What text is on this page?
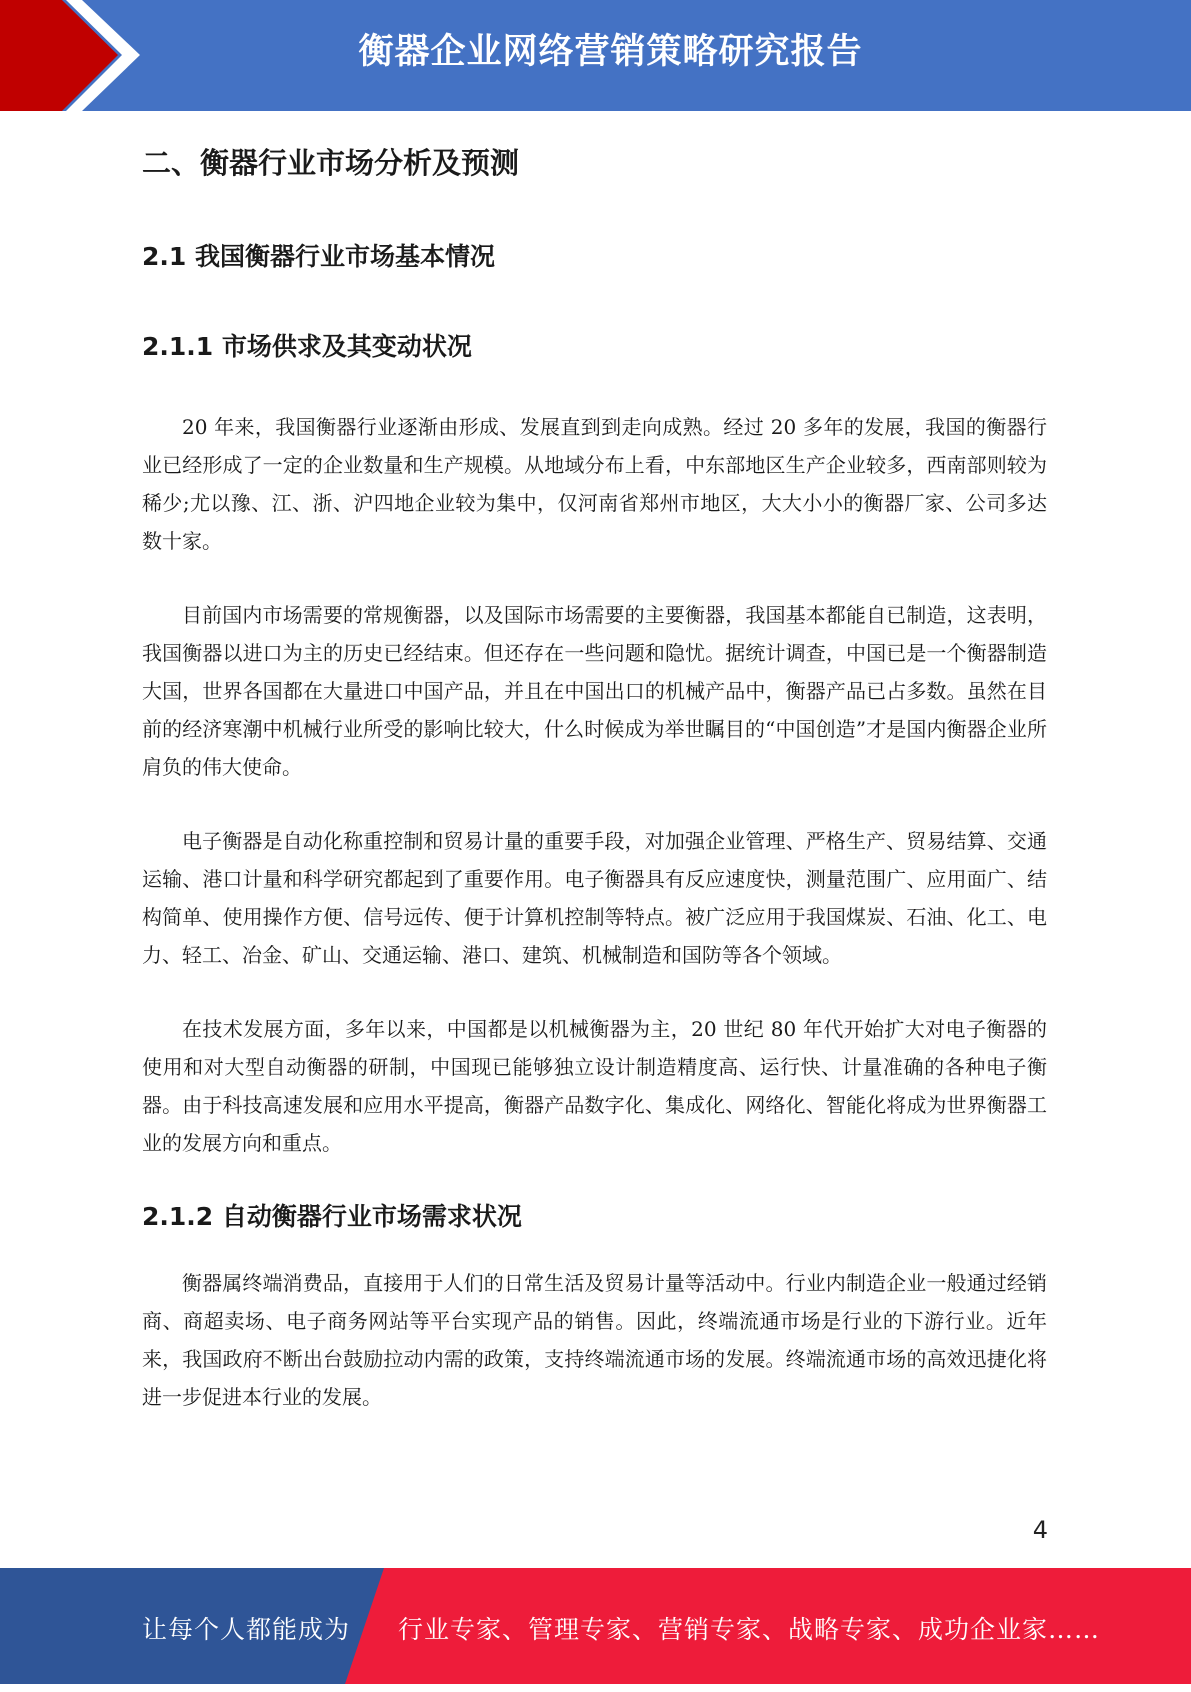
衡器企业网络营销策略研究报告
二、衡器行业市场分析及预测
2.1 我国衡器行业市场基本情况
2.1.1 市场供求及其变动状况

20 年来，我国衡器行业逐渐由形成、发展直到到走向成熟。经过 20 多年的发展，我国的衡器行业已经形成了一定的企业数量和生产规模。从地域分布上看，中东部地区生产企业较多，西南部则较为稀少;尤以豫、江、浙、沪四地企业较为集中，仅河南省郑州市地区，大大小小的衡器厂家、公司多达数十家。

目前国内市场需要的常规衡器，以及国际市场需要的主要衡器，我国基本都能自已制造，这表明，我国衡器以进口为主的历史已经结束。但还存在一些问题和隐忧。据统计调查，中国已是一个衡器制造大国，世界各国都在大量进口中国产品，并且在中国出口的机械产品中，衡器产品已占多数。虽然在目前的经济寒潮中机械行业所受的影响比较大，什么时候成为举世瞩目的“中国创造”才是国内衡器企业所肩负的伟大使命。

电子衡器是自动化称重控制和贸易计量的重要手段，对加强企业管理、严格生产、贸易结算、交通运输、港口计量和科学研究都起到了重要作用。电子衡器具有反应速度快，测量范围广、应用面广、结构简单、使用操作方便、信号远传、便于计算机控制等特点。被广泛应用于我国煤炭、石油、化工、电力、轻工、冶金、矿山、交通运输、港口、建筑、机械制造和国防等各个领域。

在技术发展方面，多年以来，中国都是以机械衡器为主，20 世纪 80 年代开始扩大对电子衡器的使用和对大型自动衡器的研制，中国现已能够独立设计制造精度高、运行快、计量准确的各种电子衡器。由于科技高速发展和应用水平提高，衡器产品数字化、集成化、网络化、智能化将成为世界衡器工业的发展方向和重点。

2.1.2 自动衡器行业市场需求状况

衡器属终端消费品，直接用于人们的日常生活及贸易计量等活动中。行业内制造企业一般通过经销商、商超卖场、电子商务网站等平台实现产品的销售。因此，终端流通市场是行业的下游行业。近年来，我国政府不断出台鼓励拉动内需的政策，支持终端流通市场的发展。终端流通市场的高效迅捷化将进一步促进本行业的发展。

4
让每个人都能成为 行业专家、管理专家、营销专家、战略专家、成功企业家……
